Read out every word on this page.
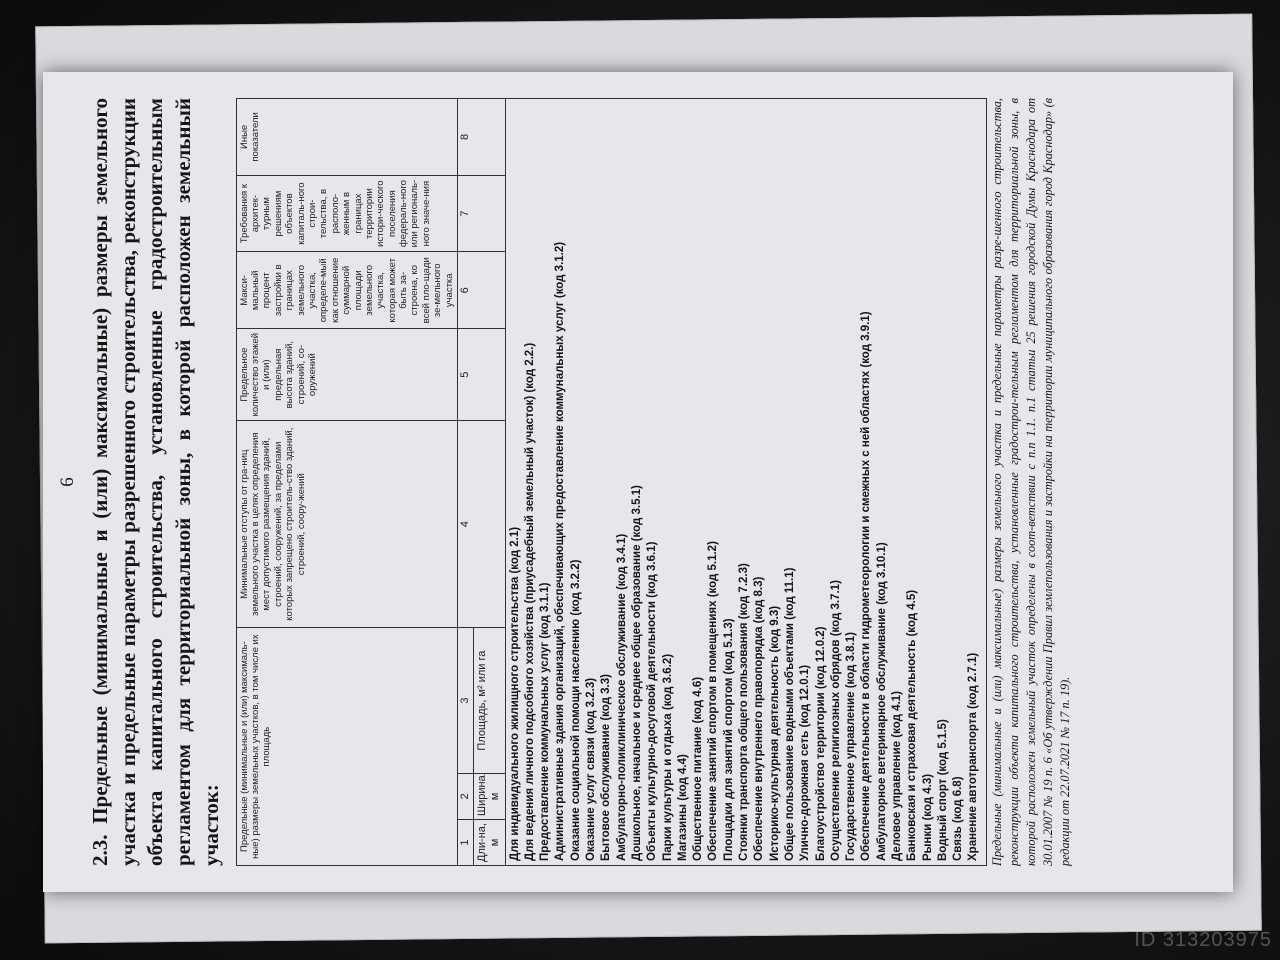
6 2.3. Предельные (минимальные и (или) максимальные) размеры земельного участка и предельные параметры разрешенного строительства, реконструкции объекта капитального строительства, установленные градостроительным регламентом для территориальной зоны, в которой расположен земельный участок: Предельные (минимальные и (или) максималь-ные) размеры земельных участков, в том числе их площадь			Минимальные отступы от гра-ниц земельного участка в целях определения мест допустимого размещения зданий, строений, сооружений, за пределами которых запрещено строитель-ство зданий, строений, соору-жений	Предельное количество этажей и (или) предельная высота зданий, строений, со-оружений	Макси-мальный процент застройки в границах земельного участка, определе-мый как отношение суммарной площади земельного участка, которая может быть за-строена, ко всей пло-щади зе-мельного участка	Требования к архитек-турным решениям объектов капиталь-ного строи-тельства, в располо-женным в границах территории истори-ческого поселения федераль-ного или региональ-ного значе-ния	Иные показатели
1	2	3	4	5	6	7	8
Дли-на, м	Ширина, м	Площадь, м² или га					Для индивидуального жилищного строительства (код 2.1) Для ведения личного подсобного хозяйства (приусадебный земельный участок) (код 2.2.) Предоставление коммунальных услуг (код 3.1.1) Административные здания организаций, обеспечивающих предоставление коммунальных услуг (код 3.1.2) Оказание социальной помощи населению (код 3.2.2) Оказание услуг связи (код 3.2.3) Бытовое обслуживание (код 3.3) Амбулаторно-поликлиническое обслуживание (код 3.4.1) Дошкольное, начальное и среднее общее образование (код 3.5.1) Объекты культурно-досуговой деятельности (код 3.6.1) Парки культуры и отдыха (код 3.6.2) Магазины (код 4.4) Общественное питание (код 4.6) Обеспечение занятий спортом в помещениях (код 5.1.2) Площадки для занятий спортом (код 5.1.3) Стоянки транспорта общего пользования (код 7.2.3) Обеспечение внутреннего правопорядка (код 8.3) Историко-культурная деятельность (код 9.3) Общее пользование водными объектами (код 11.1) Улично-дорожная сеть (код 12.0.1) Благоустройство территории (код 12.0.2) Осуществление религиозных обрядов (код 3.7.1) Государственное управление (код 3.8.1) Обеспечение деятельности в области гидрометеорологии и смежных с ней областях (код 3.9.1) Амбулаторное ветеринарное обслуживание (код 3.10.1) Деловое управление (код 4.1) Банковская и страховая деятельность (код 4.5) Рынки (код 4.3) Водный спорт (код 5.1.5) Связь (код 6.8) Хранение автотранспорта (код 2.7.1) Предельные (минимальные и (или) максимальные) размеры земельного участка и предельные параметры разре-шенного строительства, реконструкции объекта капитального строительства, установленные градострои-тельным регламентом для территориальной зоны, в которой расположен земельный участок определены в соот-ветствии с п.п 1.1. п.1 статьи 25 решения городской Думы Краснодара от 30.01.2007 № 19 п. 6 «Об утверждении Правил землепользования и застройки на территории муниципального образования город Краснодар» (в редакции от 22.07.2021 № 17 п. 19).
ID 313203975
